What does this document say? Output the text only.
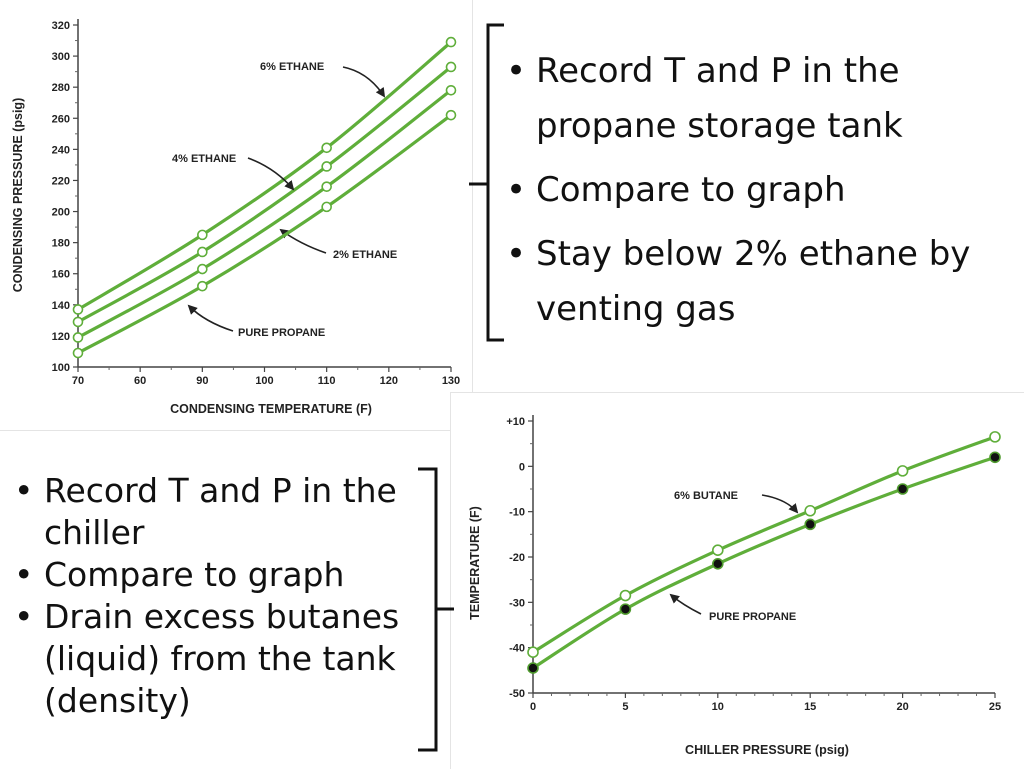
100
120
140
160
180
200
220
240
260
280
300
320
70	60	90	100	110	120	130
CONDENSING TEMPERATURE (F)
CONDENSING PRESSURE (psig)
6% ETHANE
4% ETHANE
2% ETHANE
PURE PROPANE
+10
0
-10
-20
-30
-40
-50
0	5	10	15	20	25
CHILLER PRESSURE (psig)
TEMPERATURE (F)
6% BUTANE
PURE PROPANE
• Record T and P in the propane storage tank
• Compare to graph
• Stay below 2% ethane by venting gas
• Record T and P in the chiller
• Compare to graph
• Drain excess butanes (liquid) from the tank (density)
